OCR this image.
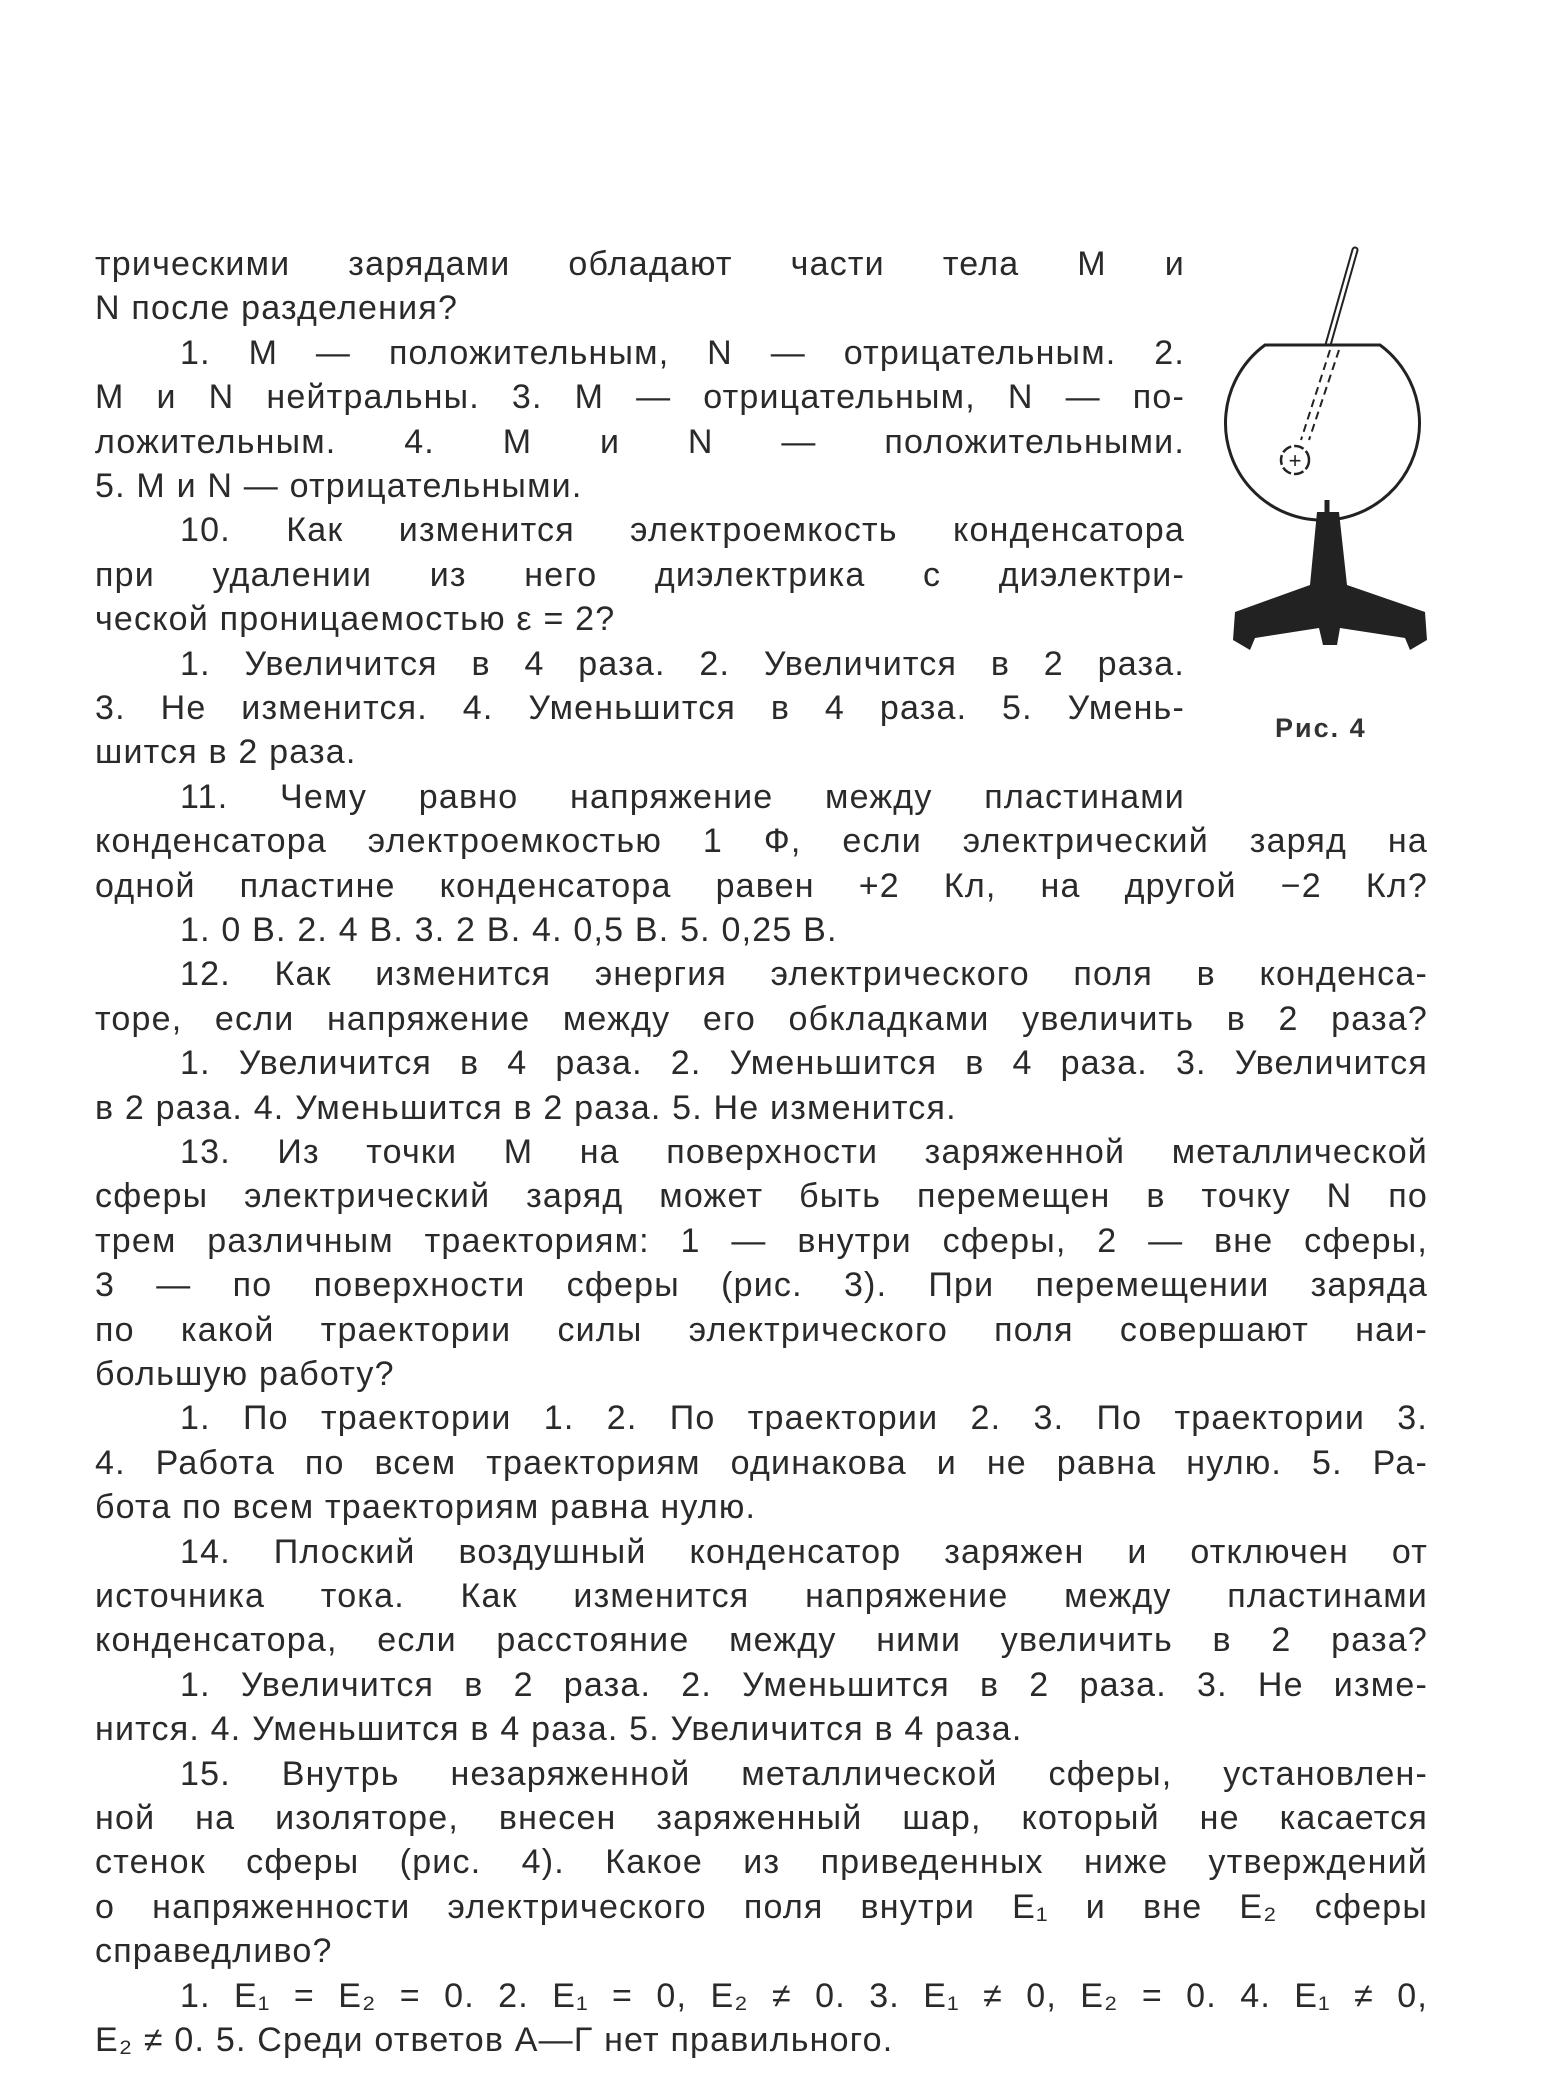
трическими зарядами обладают части тела M и
N после разделения?
1. M — положительным, N — отрицательным. 2.
M и N нейтральны. 3. M — отрицательным, N — по-
ложительным. 4. M и N — положительными.
5. M и N — отрицательными.
10. Как изменится электроемкость конденсатора
при удалении из него диэлектрика с диэлектри-
ческой проницаемостью ε = 2?
1. Увеличится в 4 раза. 2. Увеличится в 2 раза.
3. Не изменится. 4. Уменьшится в 4 раза. 5. Умень-
шится в 2 раза.
11. Чему равно напряжение между пластинами
конденсатора электроемкостью 1 Ф, если электрический заряд на
одной пластине конденсатора равен +2 Кл, на другой −2 Кл?
1. 0 В. 2. 4 В. 3. 2 В. 4. 0,5 В. 5. 0,25 В.
12. Как изменится энергия электрического поля в конденса-
торе, если напряжение между его обкладками увеличить в 2 раза?
1. Увеличится в 4 раза. 2. Уменьшится в 4 раза. 3. Увеличится
в 2 раза. 4. Уменьшится в 2 раза. 5. Не изменится.
13. Из точки M на поверхности заряженной металлической
сферы электрический заряд может быть перемещен в точку N по
трем различным траекториям: 1 — внутри сферы, 2 — вне сферы,
3 — по поверхности сферы (рис. 3). При перемещении заряда
по какой траектории силы электрического поля совершают наи-
большую работу?
1. По траектории 1. 2. По траектории 2. 3. По траектории 3.
4. Работа по всем траекториям одинакова и не равна нулю. 5. Ра-
бота по всем траекториям равна нулю.
14. Плоский воздушный конденсатор заряжен и отключен от
источника тока. Как изменится напряжение между пластинами
конденсатора, если расстояние между ними увеличить в 2 раза?
1. Увеличится в 2 раза. 2. Уменьшится в 2 раза. 3. Не изме-
нится. 4. Уменьшится в 4 раза. 5. Увеличится в 4 раза.
15. Внутрь незаряженной металлической сферы, установлен-
ной на изоляторе, внесен заряженный шар, который не касается
стенок сферы (рис. 4). Какое из приведенных ниже утверждений
о напряженности электрического поля внутри E₁ и вне E₂ сферы
справедливо?
1. E₁ = E₂ = 0. 2. E₁ = 0, E₂ ≠ 0. 3. E₁ ≠ 0, E₂ = 0. 4. E₁ ≠ 0,
E₂ ≠ 0. 5. Среди ответов А—Г нет правильного.
+
Рис. 4
